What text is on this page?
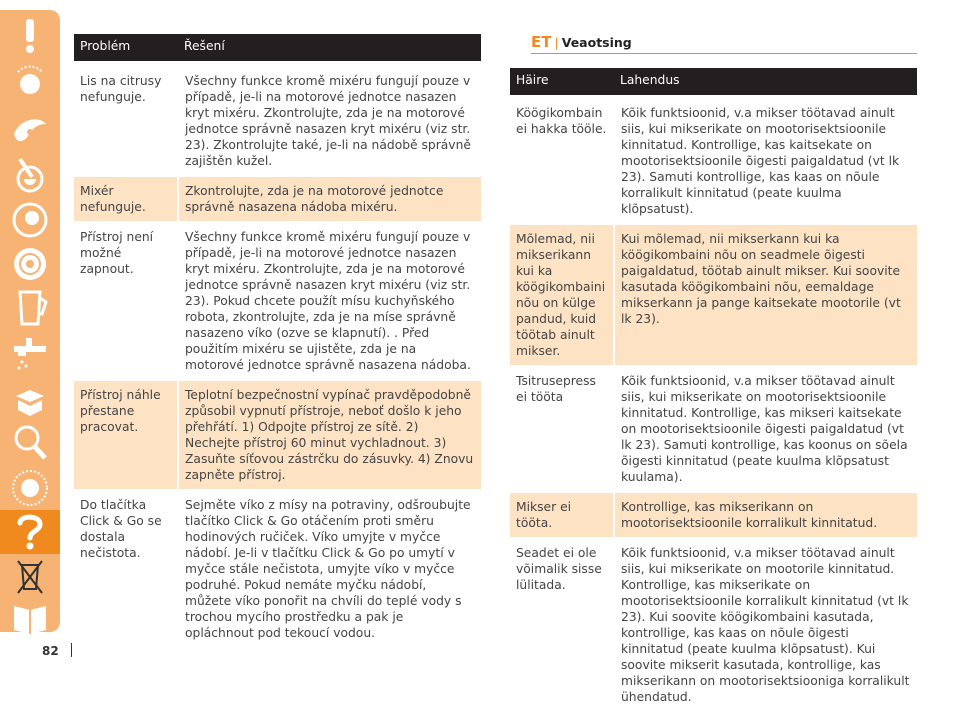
82
Problém	Řešení
Lis na citrusy nefunguje.	Všechny funkce kromě mixéru fungují pouze v případě, je-li na motorové jednotce nasazen kryt mixéru. Zkontrolujte, zda je na motorové jednotce správně nasazen kryt mixéru (viz str. 23). Zkontrolujte také, je-li na nádobě správně zajištěn kužel.
Mixér nefunguje.	Zkontrolujte, zda je na motorové jednotce správně nasazena nádoba mixéru.
Přístroj není možné zapnout.	Všechny funkce kromě mixéru fungují pouze v případě, je-li na motorové jednotce nasazen kryt mixéru. Zkontrolujte, zda je na motorové jednotce správně nasazen kryt mixéru (viz str. 23). Pokud chcete použít mísu kuchyňského robota, zkontrolujte, zda je na míse správně nasazeno víko (ozve se klapnutí). . Před použitím mixéru se ujistěte, zda je na motorové jednotce správně nasazena nádoba.
Přístroj náhle přestane pracovat.	Teplotní bezpečnostní vypínač pravděpodobně způsobil vypnutí přístroje, neboť došlo k jeho přehřátí. 1) Odpojte přístroj ze sítě. 2) Nechejte přístroj 60 minut vychladnout. 3) Zasuňte síťovou zástrčku do zásuvky. 4) Znovu zapněte přístroj.
Do tlačítka Click & Go se dostala nečistota.	Sejměte víko z mísy na potraviny, odšroubujte tlačítko Click & Go otáčením proti směru hodinových ručiček. Víko umyjte v myčce nádobí. Je-li v tlačítku Click & Go po umytí v myčce stále nečistota, umyjte víko v myčce podruhé. Pokud nemáte myčku nádobí, můžete víko ponořit na chvíli do teplé vody s trochou mycího prostředku a pak je opláchnout pod tekoucí vodou.
ET | Veaotsing
Häire	Lahendus
Köögikombain ei hakka tööle.	Kõik funktsioonid, v.a mikser töötavad ainult siis, kui mikserikate on mootorisektsioonile kinnitatud. Kontrollige, kas kaitsekate on mootorisektsioonile õigesti paigaldatud (vt lk 23). Samuti kontrollige, kas kaas on nõule korralikult kinnitatud (peate kuulma klõpsatust).
Mõlemad, nii mikserikann kui ka köögikombaini nõu on külge pandud, kuid töötab ainult mikser.	Kui mõlemad, nii mikserkann kui ka köögikombaini nõu on seadmele õigesti paigaldatud, töötab ainult mikser. Kui soovite kasutada köögikombaini nõu, eemaldage mikserkann ja pange kaitsekate mootorile (vt lk 23).
Tsitrusepress ei tööta	Kõik funktsioonid, v.a mikser töötavad ainult siis, kui mikserikate on mootorisektsioonile kinnitatud. Kontrollige, kas mikseri kaitsekate on mootorisektsioonile õigesti paigaldatud (vt lk 23). Samuti kontrollige, kas koonus on sõela õigesti kinnitatud (peate kuulma klõpsatust kuulama).
Mikser ei tööta.	Kontrollige, kas mikserikann on mootorisektsioonile korralikult kinnitatud.
Seadet ei ole võimalik sisse lülitada.	Kõik funktsioonid, v.a mikser töötavad ainult siis, kui mikserikate on mootorile kinnitatud. Kontrollige, kas mikserikate on mootorisektsioonile korralikult kinnitatud (vt lk 23). Kui soovite köögikombaini kasutada, kontrollige, kas kaas on nõule õigesti kinnitatud (peate kuulma klõpsatust). Kui soovite mikserit kasutada, kontrollige, kas mikserikann on mootorisektsiooniga korralikult ühendatud.
